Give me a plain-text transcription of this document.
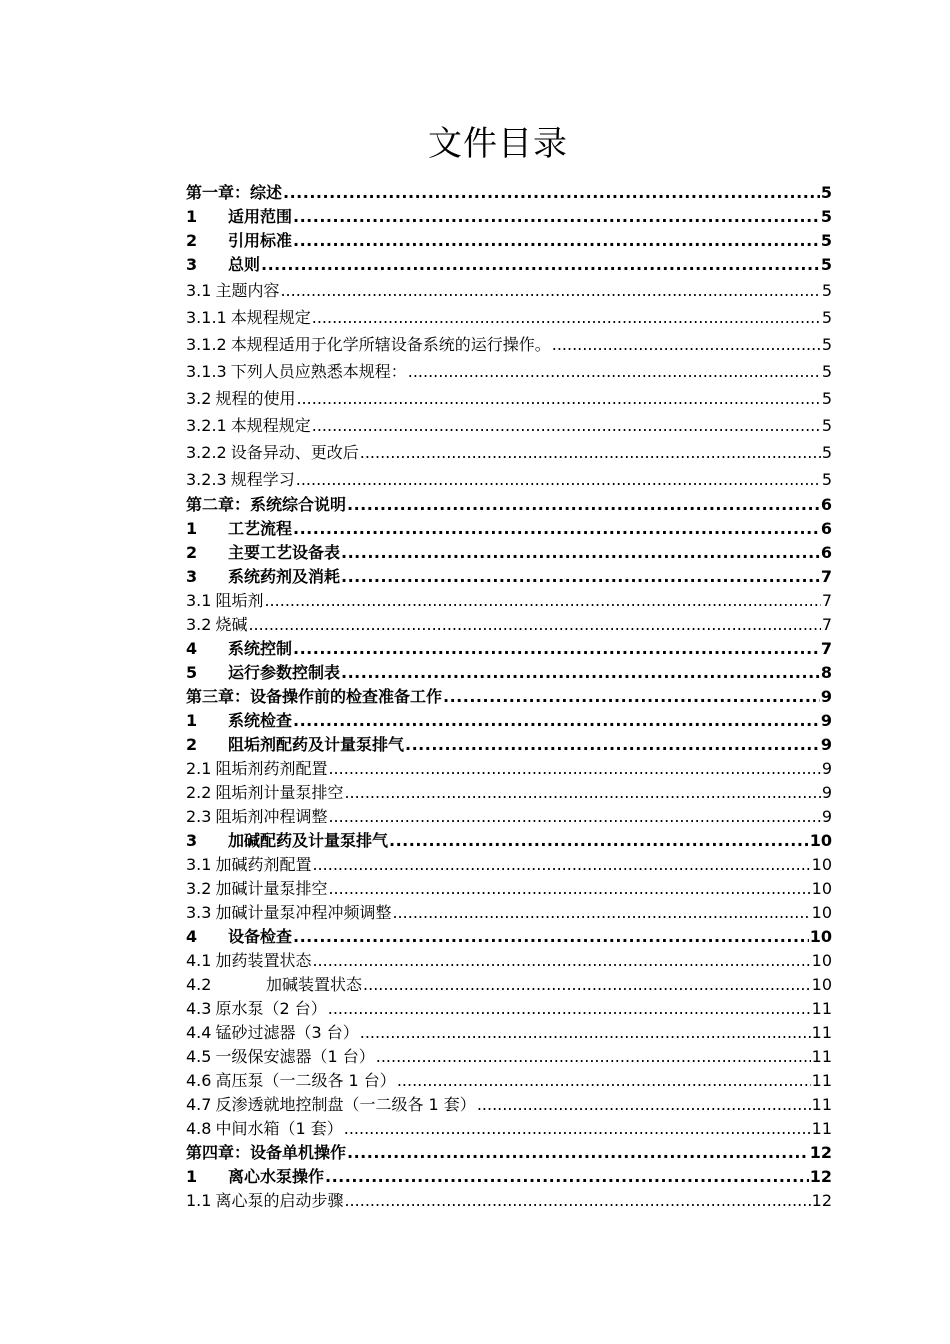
文件目录
第一章：综述 .....	5
1 适用范围 .....	5
2 引用标准 .....	5
3 总则 .....	5
3.1 主题内容 .....	5
3.1.1 本规程规定 .....	5
3.1.2 本规程适用于化学所辖设备系统的运行操作。 .....	5
3.1.3 下列人员应熟悉本规程： .....	5
3.2 规程的使用 .....	5
3.2.1 本规程规定 .....	5
3.2.2 设备异动、更改后 .....	5
3.2.3 规程学习 .....	5
第二章：系统综合说明 .....	6
1 工艺流程 .....	6
2 主要工艺设备表 .....	6
3 系统药剂及消耗 .....	7
3.1 阻垢剂 .....	7
3.2 烧碱 .....	7
4 系统控制 .....	7
5 运行参数控制表 .....	8
第三章：设备操作前的检查准备工作 .....	9
1 系统检查 .....	9
2 阻垢剂配药及计量泵排气 .....	9
2.1 阻垢剂药剂配置 .....	9
2.2 阻垢剂计量泵排空 .....	9
2.3 阻垢剂冲程调整 .....	9
3 加碱配药及计量泵排气 .....	10
3.1 加碱药剂配置 .....	10
3.2 加碱计量泵排空 .....	10
3.3 加碱计量泵冲程冲频调整 .....	10
4 设备检查 .....	10
4.1 加药装置状态 .....	10
4.2	加碱装置状态 .....	10
4.3 原水泵（2 台） .....	11
4.4 锰砂过滤器（3 台） .....	11
4.5 一级保安滤器（1 台） .....	11
4.6 高压泵（一二级各 1 台） .....	11
4.7 反渗透就地控制盘（一二级各 1 套） .....	11
4.8 中间水箱（1 套） .....	11
第四章：设备单机操作 .....	12
1 离心水泵操作 .....	12
1.1 离心泵的启动步骤 .....	12
